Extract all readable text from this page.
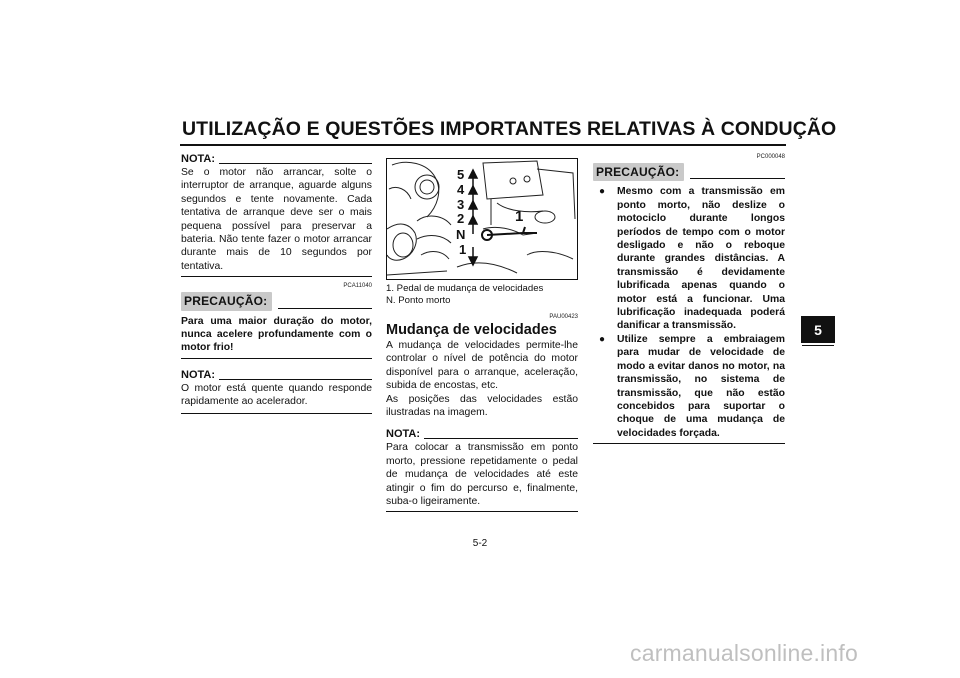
UTILIZAÇÃO E QUESTÕES IMPORTANTES RELATIVAS À CONDUÇÃO
NOTA:

Se o motor não arrancar, solte o interruptor de arranque, aguarde alguns segundos e tente novamente. Cada tentativa de arranque deve ser o mais pequena possível para preservar a bateria. Não tente fazer o motor arrancar durante mais de 10 segundos por tentativa.

PCA11040
PRECAUÇÃO:

Para uma maior duração do motor, nunca acelere profundamente com o motor frio!

NOTA:

O motor está quente quando responde rapidamente ao acelerador.

5
4
3
2
N
1
1

1. Pedal de mudança de velocidades

N. Ponto morto

PAU00423
Mudança de velocidades

A mudança de velocidades permite-lhe controlar o nível de potência do motor disponível para o arranque, aceleração, subida de encostas, etc.

As posições das velocidades estão ilustradas na imagem.

NOTA:

Para colocar a transmissão em ponto morto, pressione repetidamente o pedal de mudança de velocidades até este atingir o fim do percurso e, finalmente, suba-o ligeiramente.

PC000048
PRECAUÇÃO:
● Mesmo com a transmissão em ponto morto, não deslize o motociclo durante longos períodos de tempo com o motor desligado e não o reboque durante grandes distâncias. A transmissão é devidamente lubrificada apenas quando o motor está a funcionar. Uma lubrificação inadequada poderá danificar a transmissão.
● Utilize sempre a embraiagem para mudar de velocidade de modo a evitar danos no motor, na transmissão, no sistema de transmissão, que não estão concebidos para suportar o choque de uma mudança de velocidades forçada.
5
5-2
carmanualsonline.info
